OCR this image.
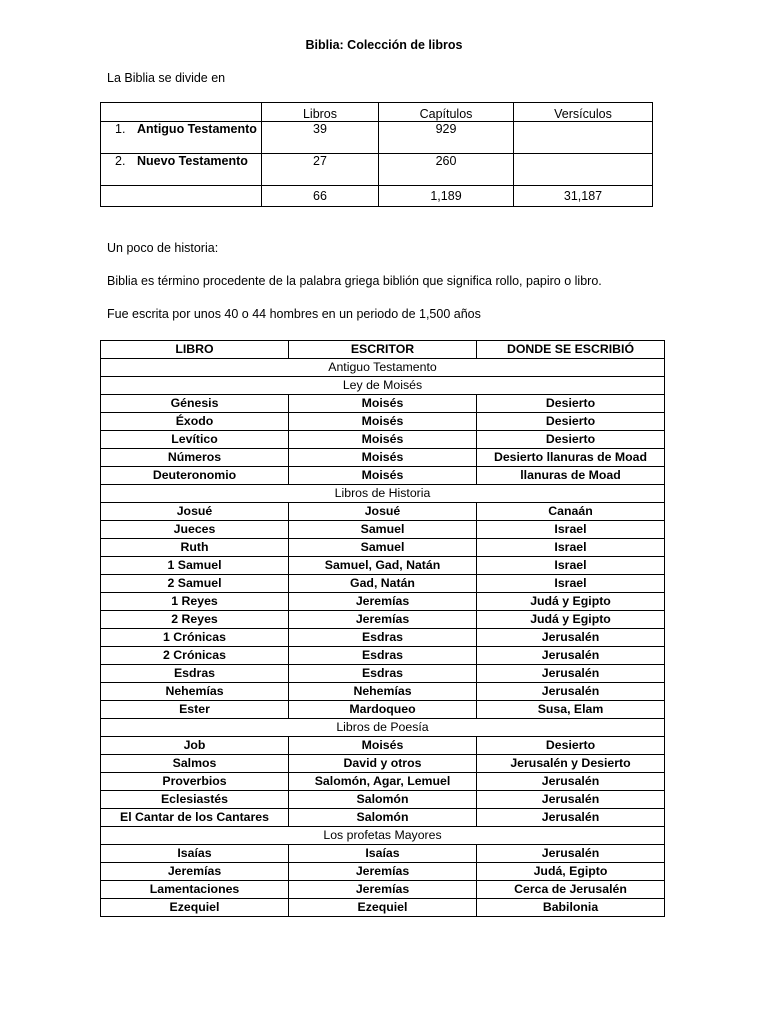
Biblia: Colección de libros
La Biblia se divide en
	Libros	Capítulos	Versículos
1. Antiguo Testamento	39	929	
2. Nuevo Testamento	27	260	
	66	1,189	31,187
Un poco de historia:
Biblia es término procedente de la palabra griega biblión que significa rollo, papiro o libro.
Fue escrita por unos 40 o 44 hombres en un periodo de 1,500 años
LIBRO	ESCRITOR	DONDE SE ESCRIBIÓ
Antiguo Testamento		
Ley de Moisés		
Génesis	Moisés	Desierto
Éxodo	Moisés	Desierto
Levítico	Moisés	Desierto
Números	Moisés	Desierto llanuras de Moad
Deuteronomio	Moisés	llanuras de Moad
Libros de Historia		
Josué	Josué	Canaán
Jueces	Samuel	Israel
Ruth	Samuel	Israel
1 Samuel	Samuel, Gad, Natán	Israel
2 Samuel	Gad, Natán	Israel
1 Reyes	Jeremías	Judá y Egipto
2 Reyes	Jeremías	Judá y Egipto
1 Crónicas	Esdras	Jerusalén
2 Crónicas	Esdras	Jerusalén
Esdras	Esdras	Jerusalén
Nehemías	Nehemías	Jerusalén
Ester	Mardoqueo	Susa, Elam
Libros de Poesía		
Job	Moisés	Desierto
Salmos	David y otros	Jerusalén y Desierto
Proverbios	Salomón, Agar, Lemuel	Jerusalén
Eclesiastés	Salomón	Jerusalén
El Cantar de los Cantares	Salomón	Jerusalén
Los profetas Mayores		
Isaías	Isaías	Jerusalén
Jeremías	Jeremías	Judá, Egipto
Lamentaciones	Jeremías	Cerca de Jerusalén
Ezequiel	Ezequiel	Babilonia
